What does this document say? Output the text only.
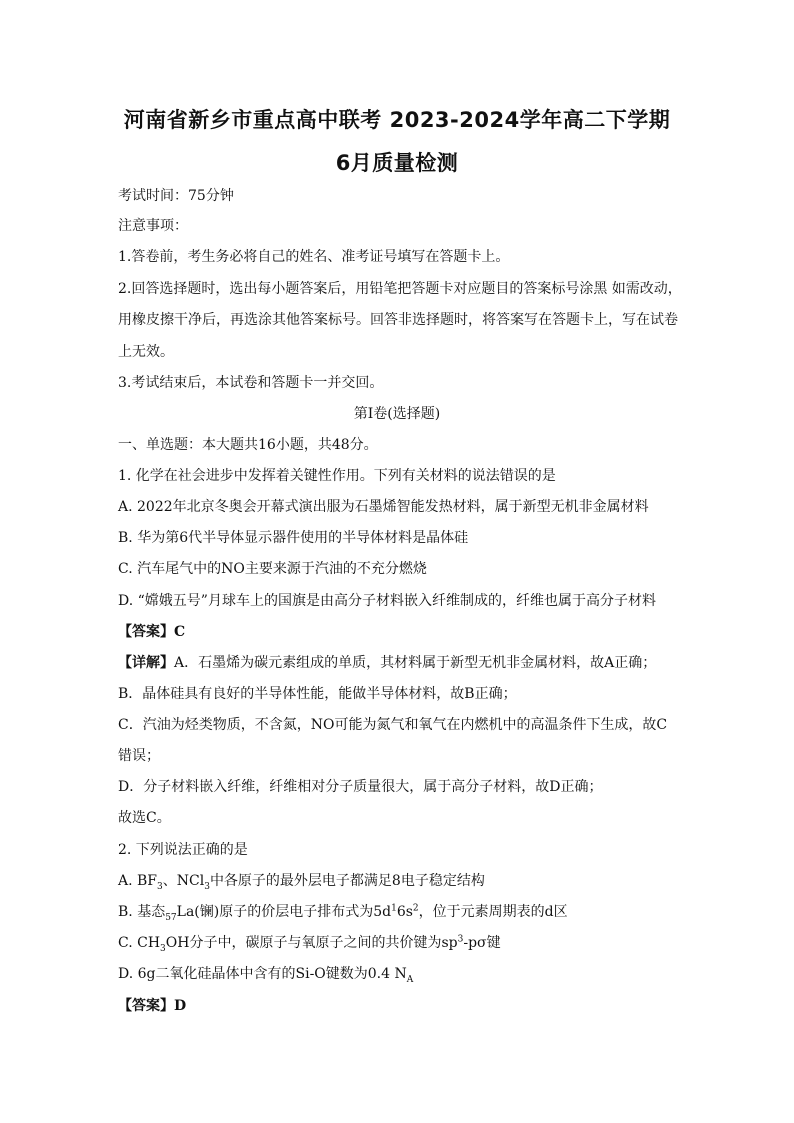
河南省新乡市重点高中联考 2023-2024学年高二下学期
6月质量检测
考试时间：75分钟
注意事项：
1.答卷前，考生务必将自己的姓名、准考证号填写在答题卡上。
2.回答选择题时，选出每小题答案后，用铅笔把答题卡对应题目的答案标号涂黑 如需改动，
用橡皮擦干净后，再选涂其他答案标号。回答非选择题时，将答案写在答题卡上，写在试卷
上无效。
3.考试结束后，本试卷和答题卡一并交回。
第I卷(选择题)
一、单选题：本大题共16小题，共48分。
1. 化学在社会进步中发挥着关键性作用。下列有关材料的说法错误的是
A. 2022年北京冬奥会开幕式演出服为石墨烯智能发热材料，属于新型无机非金属材料
B. 华为第6代半导体显示器件使用的半导体材料是晶体硅
C. 汽车尾气中的NO主要来源于汽油的不充分燃烧
D. “嫦娥五号”月球车上的国旗是由高分子材料嵌入纤维制成的，纤维也属于高分子材料
【答案】C
【详解】A．石墨烯为碳元素组成的单质，其材料属于新型无机非金属材料，故A正确；
B．晶体硅具有良好的半导体性能，能做半导体材料，故B正确；
C．汽油为烃类物质，不含氮，NO可能为氮气和氧气在内燃机中的高温条件下生成，故C
错误；
D．分子材料嵌入纤维，纤维相对分子质量很大，属于高分子材料，故D正确；
故选C。
2. 下列说法正确的是
A. $BF_3$、NCl$_3$中各原子的最外层电子都满足8电子稳定结构
B. 基态$_{57}$La(镧)原子的价层电子排布式为$5d^16s^2$，位于元素周期表的d区
C. $CH_3OH$分子中，碳原子与氧原子之间的共价键为$sp^3-p\sigma$键
D. 6g二氧化硅晶体中含有的Si-O键数为0.4 $N_A$
【答案】D
